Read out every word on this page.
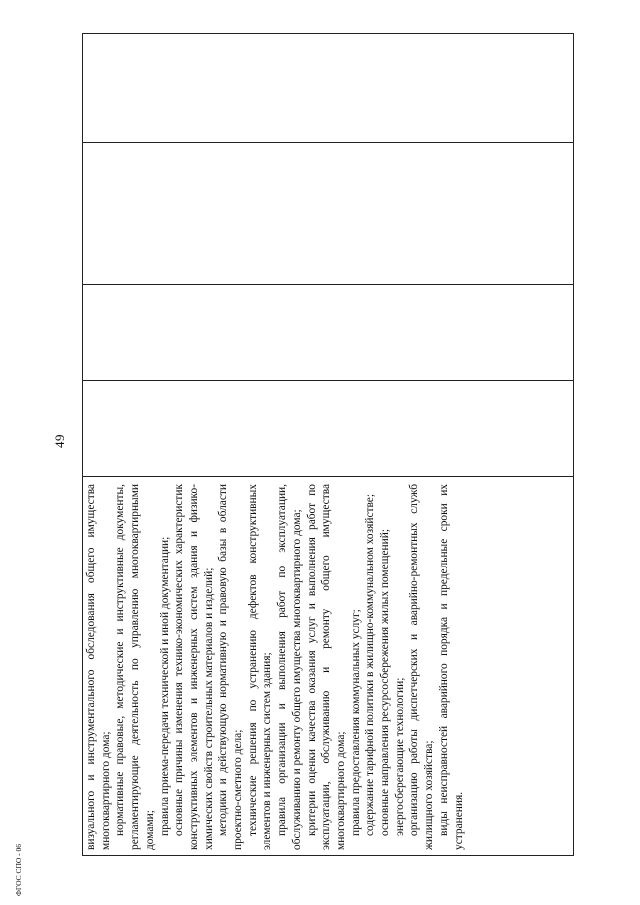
49
ФГОС СПО - 06

визуального и инструментального обследования общего имущества многоквартирного дома; нормативные правовые, методические и инструктивные документы, регламентирующие деятельность по управлению многоквартирными домами; правила приема-передачи технической и иной документации; основные причины изменения технико-экономических характеристик конструктивных элементов и инженерных систем здания и физико-химических свойств строительных материалов и изделий; методики и действующую нормативную и правовую базы в области проектно-сметного дела; технические решения по устранению дефектов конструктивных элементов и инженерных систем здания; правила организации и выполнения работ по эксплуатации, обслуживанию и ремонту общего имущества многоквартирного дома; критерии оценки качества оказания услуг и выполнения работ по эксплуатации, обслуживанию и ремонту общего имущества многоквартирного дома; правила предоставления коммунальных услуг; содержание тарифной политики в жилищно-коммунальном хозяйстве; основные направления ресурсосбережения жилых помещений; энергосберегающие технологии; организацию работы диспетчерских и аварийно-ремонтных служб жилищного хозяйства; виды неисправностей аварийного порядка и предельные сроки их устранения.
